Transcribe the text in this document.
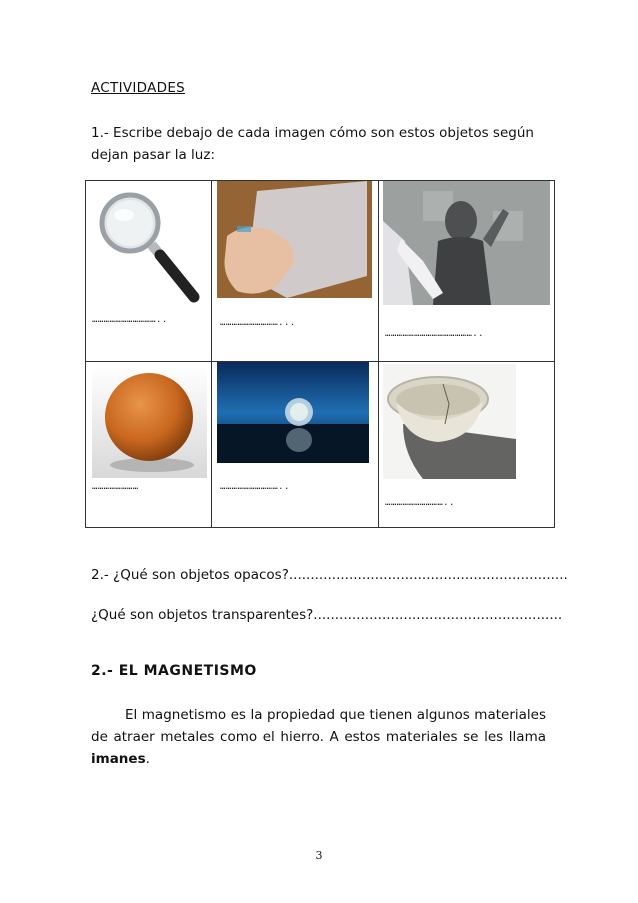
ACTIVIDADES
1.- Escribe debajo de cada imagen cómo son estos objetos según dejan pasar la luz:
……………………………..	…………………………...	………………………………………..

……………………	…………………………..	…………………………..
2.- ¿Qué son objetos opacos?.................................................................
¿Qué son objetos transparentes?..........................................................
2.- EL MAGNETISMO
El magnetismo es la propiedad que tienen algunos materiales de atraer metales como el hierro. A estos materiales se les llama imanes.
3
